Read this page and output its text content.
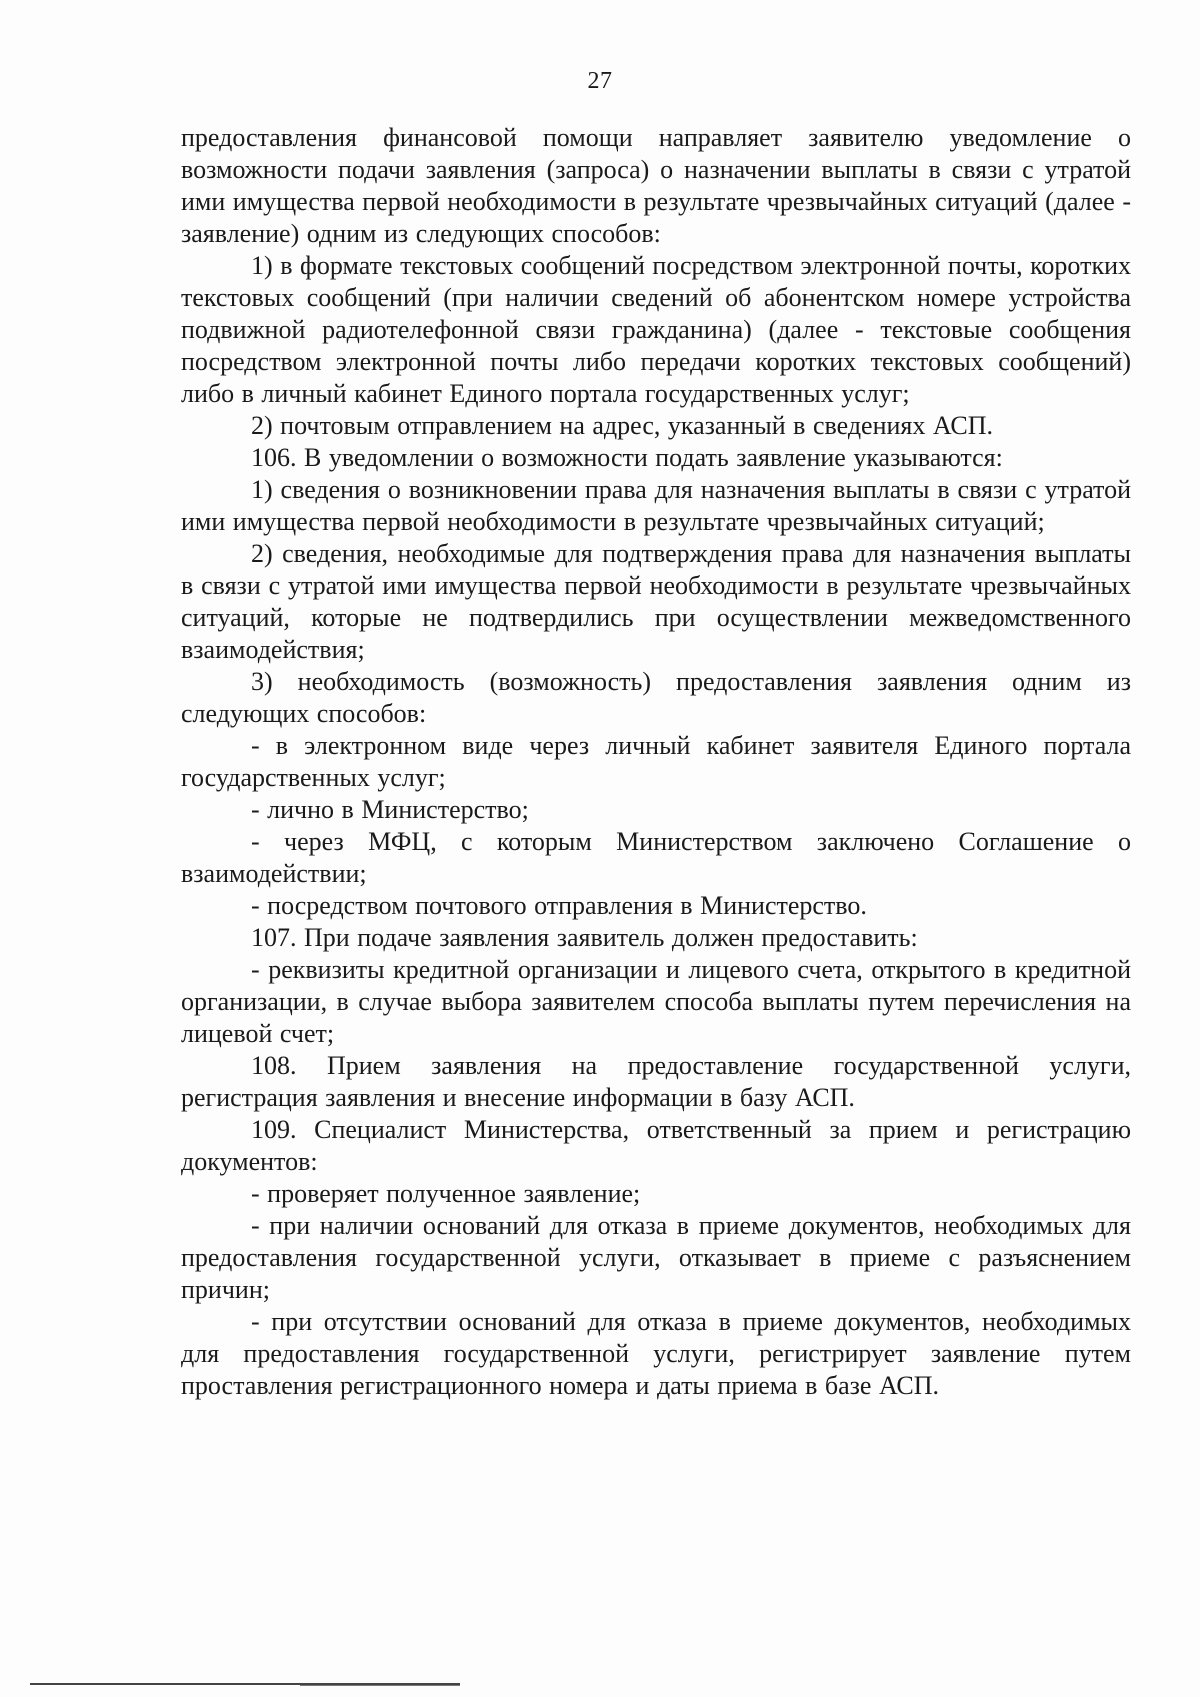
27

предоставления финансовой помощи направляет заявителю уведомление о возможности подачи заявления (запроса) о назначении выплаты в связи с утратой ими имущества первой необходимости в результате чрезвычайных ситуаций (далее - заявление) одним из следующих способов:

1) в формате текстовых сообщений посредством электронной почты, коротких текстовых сообщений (при наличии сведений об абонентском номере устройства подвижной радиотелефонной связи гражданина) (далее - текстовые сообщения посредством электронной почты либо передачи коротких текстовых сообщений) либо в личный кабинет Единого портала государственных услуг;

2) почтовым отправлением на адрес, указанный в сведениях АСП.

106. В уведомлении о возможности подать заявление указываются:

1) сведения о возникновении права для назначения выплаты в связи с утратой ими имущества первой необходимости в результате чрезвычайных ситуаций;

2) сведения, необходимые для подтверждения права для назначения выплаты в связи с утратой ими имущества первой необходимости в результате чрезвычайных ситуаций, которые не подтвердились при осуществлении межведомственного взаимодействия;

3) необходимость (возможность) предоставления заявления одним из следующих способов:

- в электронном виде через личный кабинет заявителя Единого портала государственных услуг;

- лично в Министерство;

- через МФЦ, с которым Министерством заключено Соглашение о взаимодействии;

- посредством почтового отправления в Министерство.

107. При подаче заявления заявитель должен предоставить:

- реквизиты кредитной организации и лицевого счета, открытого в кредитной организации, в случае выбора заявителем способа выплаты путем перечисления на лицевой счет;

108. Прием заявления на предоставление государственной услуги, регистрация заявления и внесение информации в базу АСП.

109. Специалист Министерства, ответственный за прием и регистрацию документов:

- проверяет полученное заявление;

- при наличии оснований для отказа в приеме документов, необходимых для предоставления государственной услуги, отказывает в приеме с разъяснением причин;

- при отсутствии оснований для отказа в приеме документов, необходимых для предоставления государственной услуги, регистрирует заявление путем проставления регистрационного номера и даты приема в базе АСП.
